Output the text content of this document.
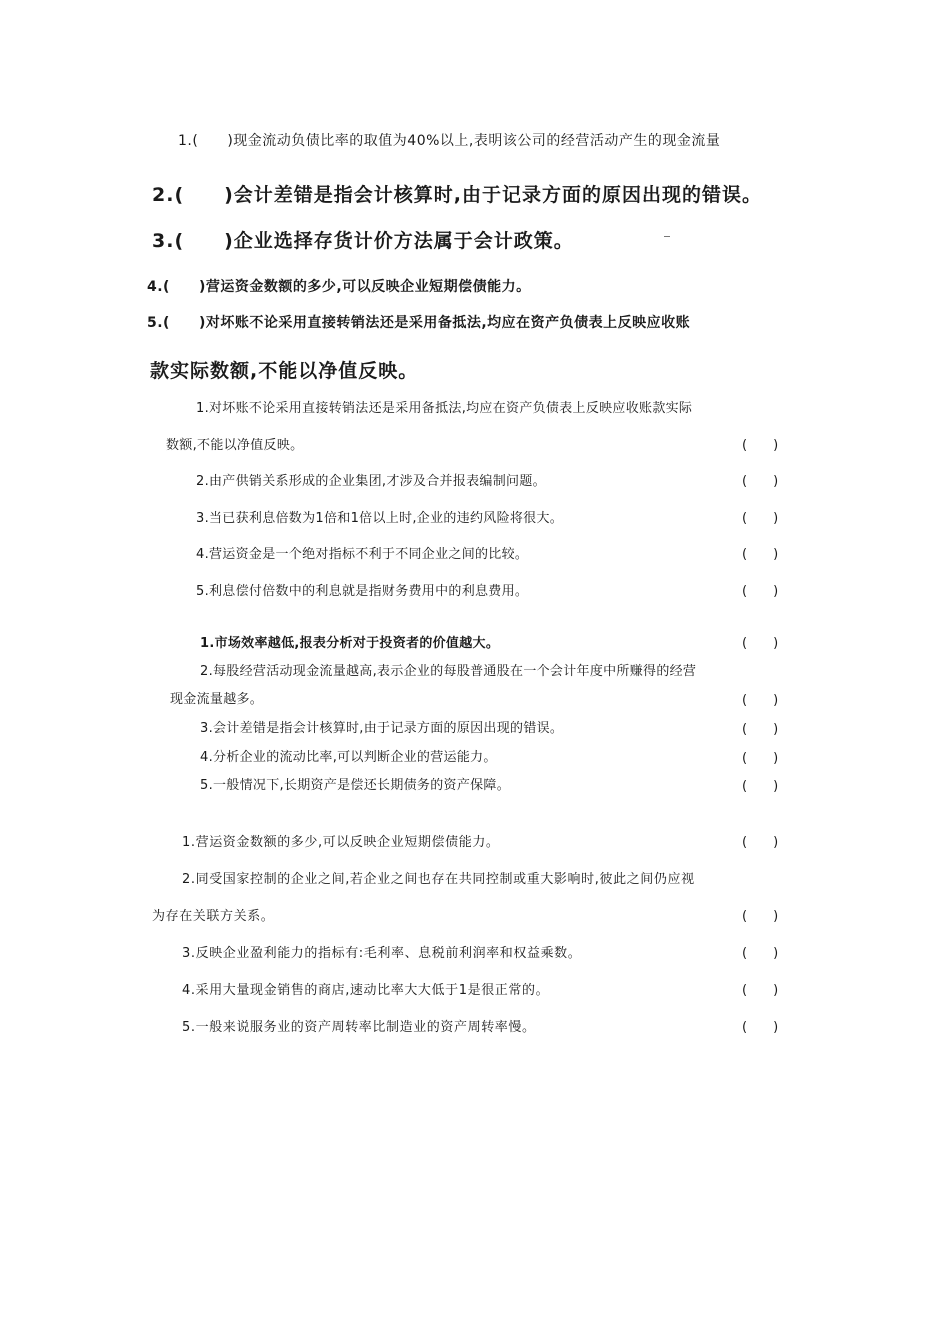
1.(　　)现金流动负债比率的取值为40%以上,表明该公司的经营活动产生的现金流量
2.(　　)会计差错是指会计核算时,由于记录方面的原因出现的错误。
3.(　　)企业选择存货计价方法属于会计政策。
4.(　　)营运资金数额的多少,可以反映企业短期偿债能力。
5.(　　)对坏账不论采用直接转销法还是采用备抵法,均应在资产负债表上反映应收账
款实际数额,不能以净值反映。
1.对坏账不论采用直接转销法还是采用备抵法,均应在资产负债表上反映应收账款实际
数额,不能以净值反映。	(　　)
2.由产供销关系形成的企业集团,才涉及合并报表编制问题。	(　　)
3.当已获利息倍数为1倍和1倍以上时,企业的违约风险将很大。	(　　)
4.营运资金是一个绝对指标不利于不同企业之间的比较。	(　　)
5.利息偿付倍数中的利息就是指财务费用中的利息费用。	(　　)
1.市场效率越低,报表分析对于投资者的价值越大。	(　　)
2.每股经营活动现金流量越高,表示企业的每股普通股在一个会计年度中所赚得的经营
现金流量越多。	(　　)
3.会计差错是指会计核算时,由于记录方面的原因出现的错误。	(　　)
4.分析企业的流动比率,可以判断企业的营运能力。	(　　)
5.一般情况下,长期资产是偿还长期债务的资产保障。	(　　)
1.营运资金数额的多少,可以反映企业短期偿债能力。	(　　)
2.同受国家控制的企业之间,若企业之间也存在共同控制或重大影响时,彼此之间仍应视
为存在关联方关系。	(　　)
3.反映企业盈利能力的指标有:毛利率、息税前利润率和权益乘数。	(　　)
4.采用大量现金销售的商店,速动比率大大低于1是很正常的。	(　　)
5.一般来说服务业的资产周转率比制造业的资产周转率慢。	(　　)
